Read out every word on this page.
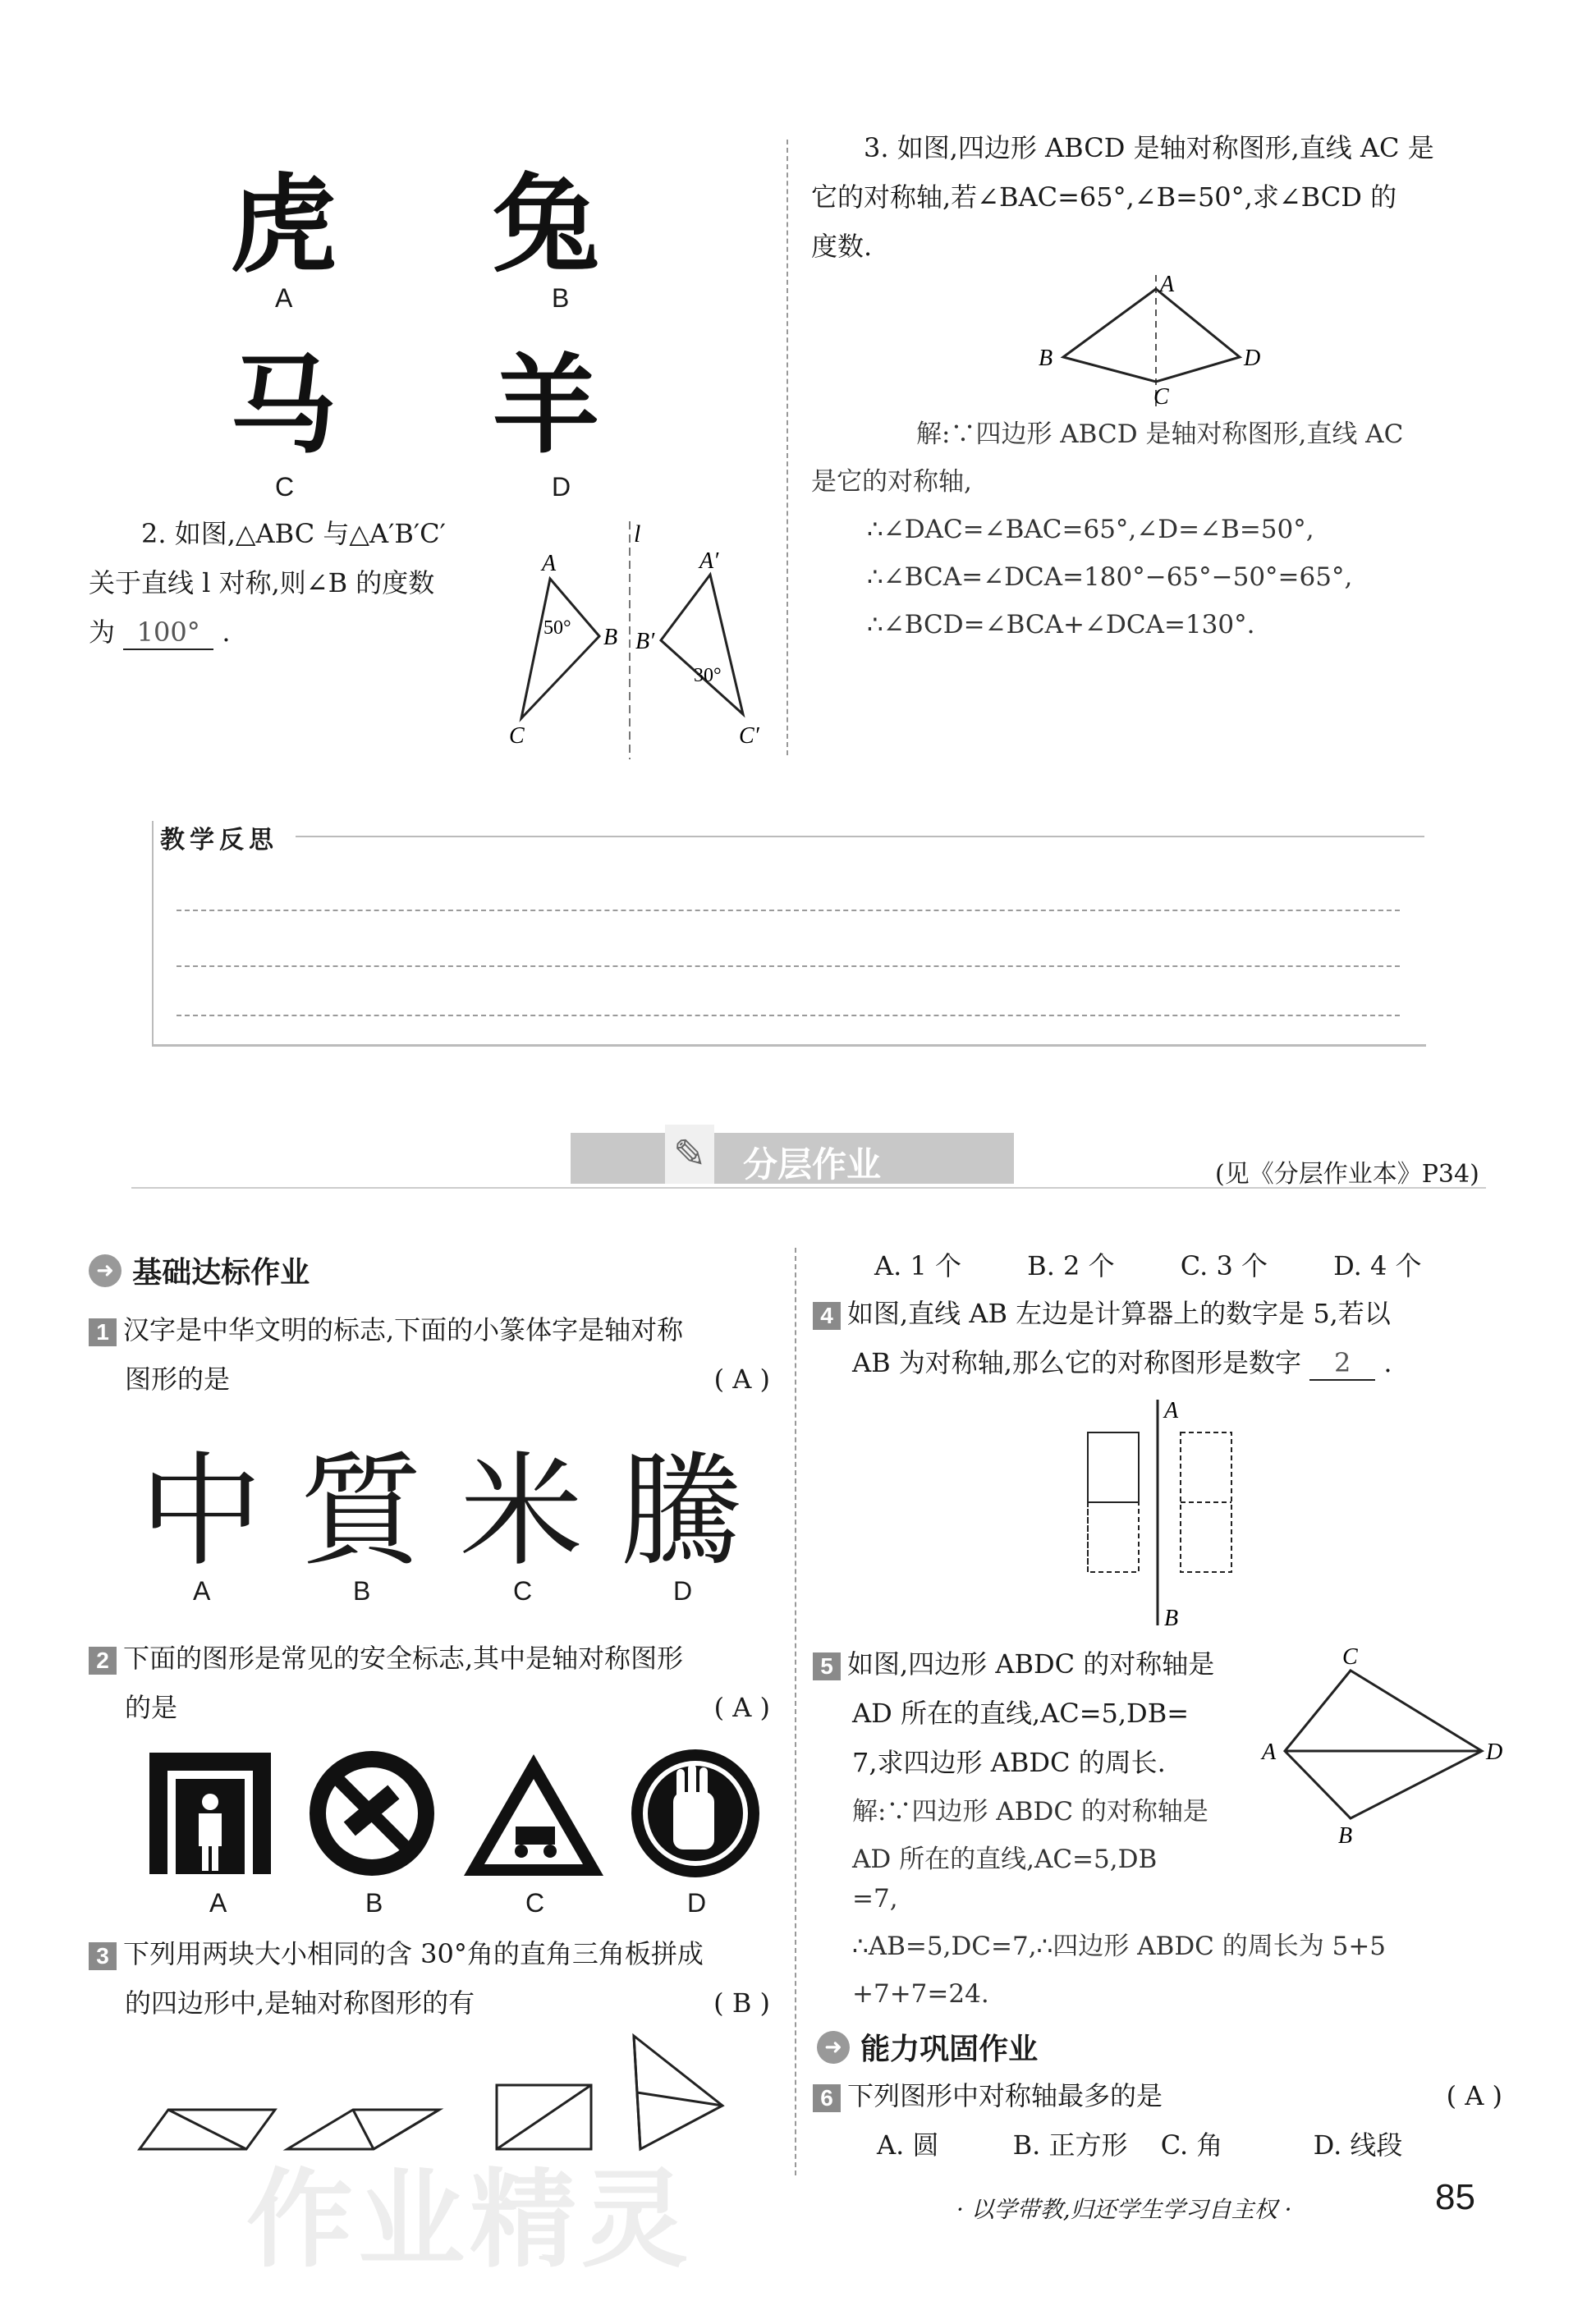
虎
A
兔
B
马
C
羊
D
2. 如图,△ABC 与△A′B′C′
关于直线 l 对称,则∠B 的度数
为 100° .
l
A
B
C
50°
A′
B′
C′
30°
3. 如图,四边形 ABCD 是轴对称图形,直线 AC 是
它的对称轴,若∠BAC=65°,∠B=50°,求∠BCD 的
度数.
A
B
C
D
解:∵四边形 ABCD 是轴对称图形,直线 AC
是它的对称轴,
∴∠DAC=∠BAC=65°,∠D=∠B=50°,
∴∠BCA=∠DCA=180°−65°−50°=65°,
∴∠BCD=∠BCA+∠DCA=130°.
教学反思
✎ 分层作业	(见《分层作业本》P34)
➜ 基础达标作业
1 汉字是中华文明的标志,下面的小篆体字是轴对称
图形的是	( A )
中 質 米 騰
A	B	C	D
2 下面的图形是常见的安全标志,其中是轴对称图形
的是	( A )
A	B	C	D
3 下列用两块大小相同的含 30°角的直角三角板拼成
的四边形中,是轴对称图形的有	( B )
A. 1 个	B. 2 个	C. 3 个	D. 4 个
4 如图,直线 AB 左边是计算器上的数字是 5,若以
AB 为对称轴,那么它的对称图形是数字 2 .
A
B
5 如图,四边形 ABDC 的对称轴是
AD 所在的直线,AC=5,DB=
7,求四边形 ABDC 的周长.
C
A
B
D
解:∵四边形 ABDC 的对称轴是
AD 所在的直线,AC=5,DB
=7,
∴AB=5,DC=7,∴四边形 ABDC 的周长为 5+5
+7+7=24.
➜ 能力巩固作业
6 下列图形中对称轴最多的是	( A )
A. 圆	B. 正方形 C. 角	D. 线段
· 以学带教,归还学生学习自主权 ·	85
作业精灵
